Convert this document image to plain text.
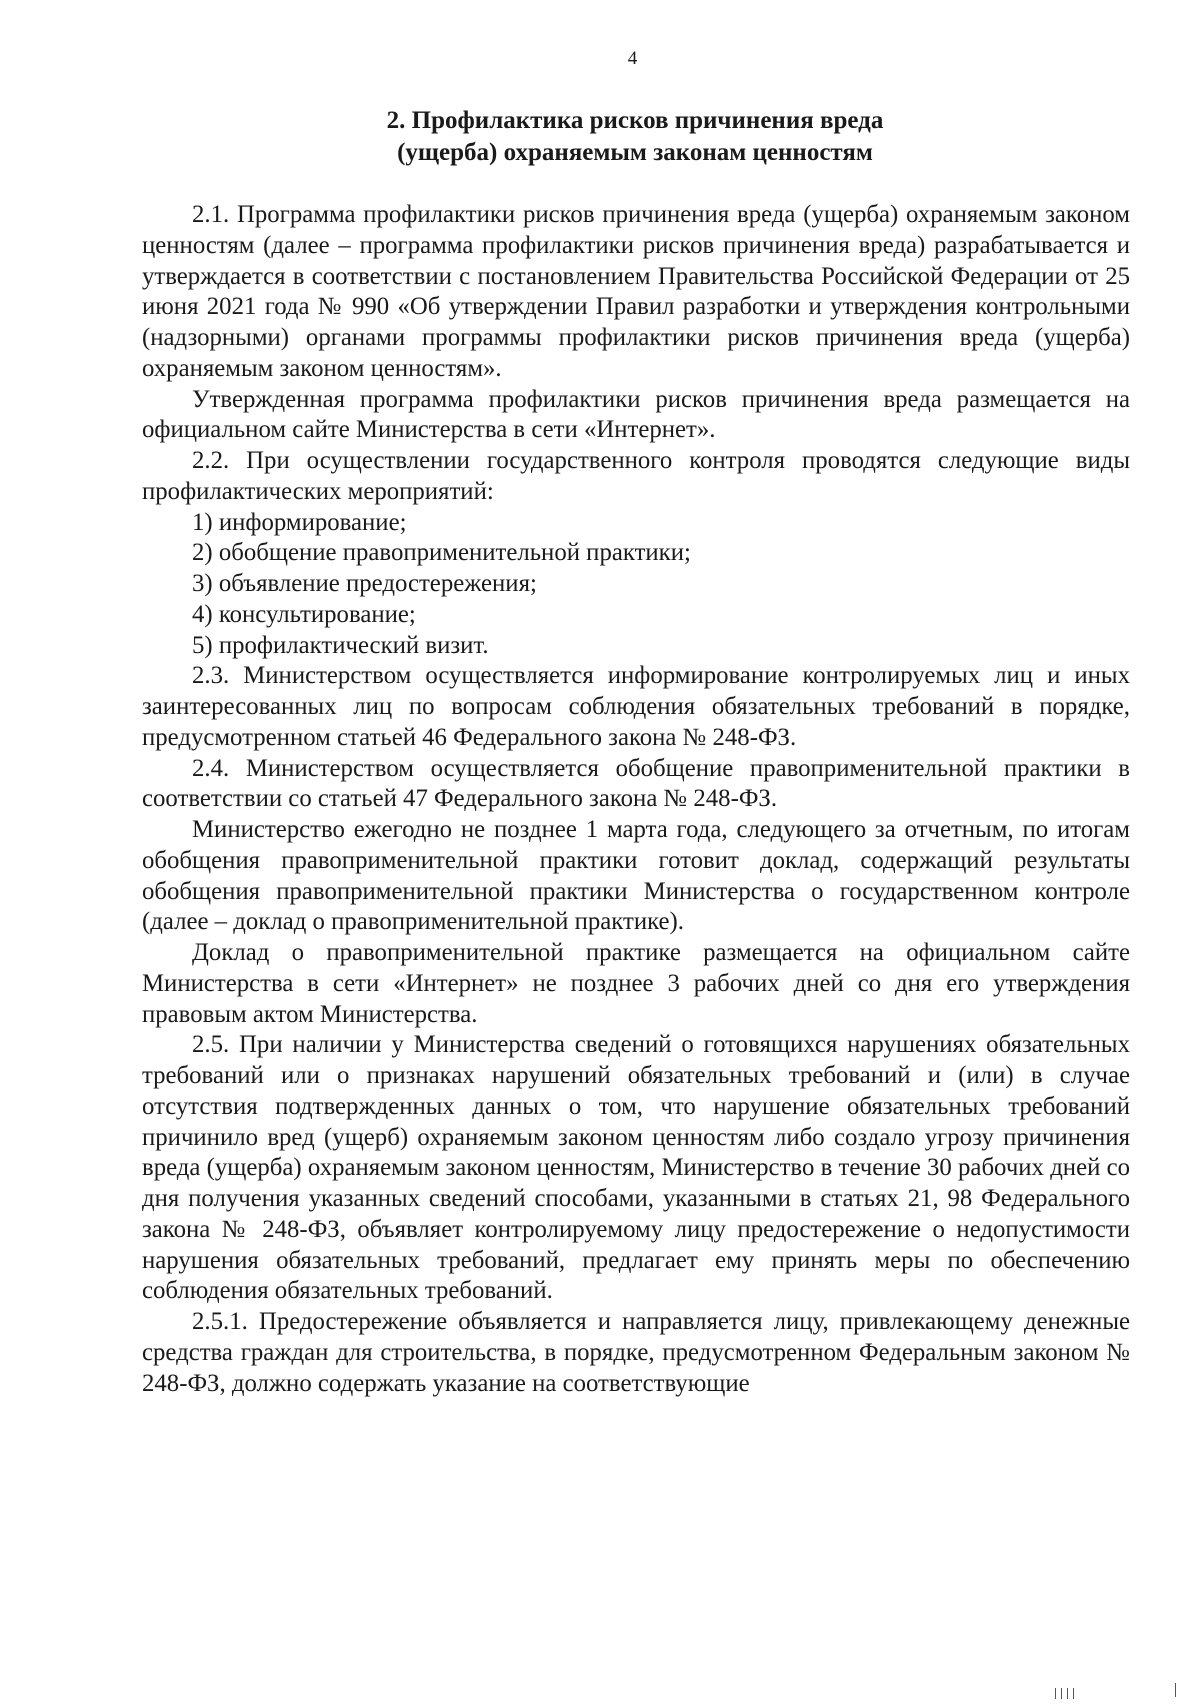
4
2. Профилактика рисков причинения вреда
(ущерба) охраняемым законам ценностям

2.1. Программа профилактики рисков причинения вреда (ущерба) охраняемым законом ценностям (далее – программа профилактики рисков причинения вреда) разрабатывается и утверждается в соответствии с постановлением Правительства Российской Федерации от 25 июня 2021 года № 990 «Об утверждении Правил разработки и утверждения контрольными (надзорными) органами программы профилактики рисков причинения вреда (ущерба) охраняемым законом ценностям».

Утвержденная программа профилактики рисков причинения вреда размещается на официальном сайте Министерства в сети «Интернет».

2.2. При осуществлении государственного контроля проводятся следующие виды профилактических мероприятий:

1) информирование;

2) обобщение правоприменительной практики;

3) объявление предостережения;

4) консультирование;

5) профилактический визит.

2.3. Министерством осуществляется информирование контролируемых лиц и иных заинтересованных лиц по вопросам соблюдения обязательных требований в порядке, предусмотренном статьей 46 Федерального закона № 248-ФЗ.

2.4. Министерством осуществляется обобщение правоприменительной практики в соответствии со статьей 47 Федерального закона № 248-ФЗ.

Министерство ежегодно не позднее 1 марта года, следующего за отчетным, по итогам обобщения правоприменительной практики готовит доклад, содержащий результаты обобщения правоприменительной практики Министерства о государственном контроле (далее – доклад о правоприменительной практике).

Доклад о правоприменительной практике размещается на официальном сайте Министерства в сети «Интернет» не позднее 3 рабочих дней со дня его утверждения правовым актом Министерства.

2.5. При наличии у Министерства сведений о готовящихся нарушениях обязательных требований или о признаках нарушений обязательных требований и (или) в случае отсутствия подтвержденных данных о том, что нарушение обязательных требований причинило вред (ущерб) охраняемым законом ценностям либо создало угрозу причинения вреда (ущерба) охраняемым законом ценностям, Министерство в течение 30 рабочих дней со дня получения указанных сведений способами, указанными в статьях 21, 98 Федерального закона № 248-ФЗ, объявляет контролируемому лицу предостережение о недопустимости нарушения обязательных требований, предлагает ему принять меры по обеспечению соблюдения обязательных требований.

2.5.1. Предостережение объявляется и направляется лицу, привлекающему денежные средства граждан для строительства, в порядке, предусмотренном Федеральным законом № 248-ФЗ, должно содержать указание на соответствующие
